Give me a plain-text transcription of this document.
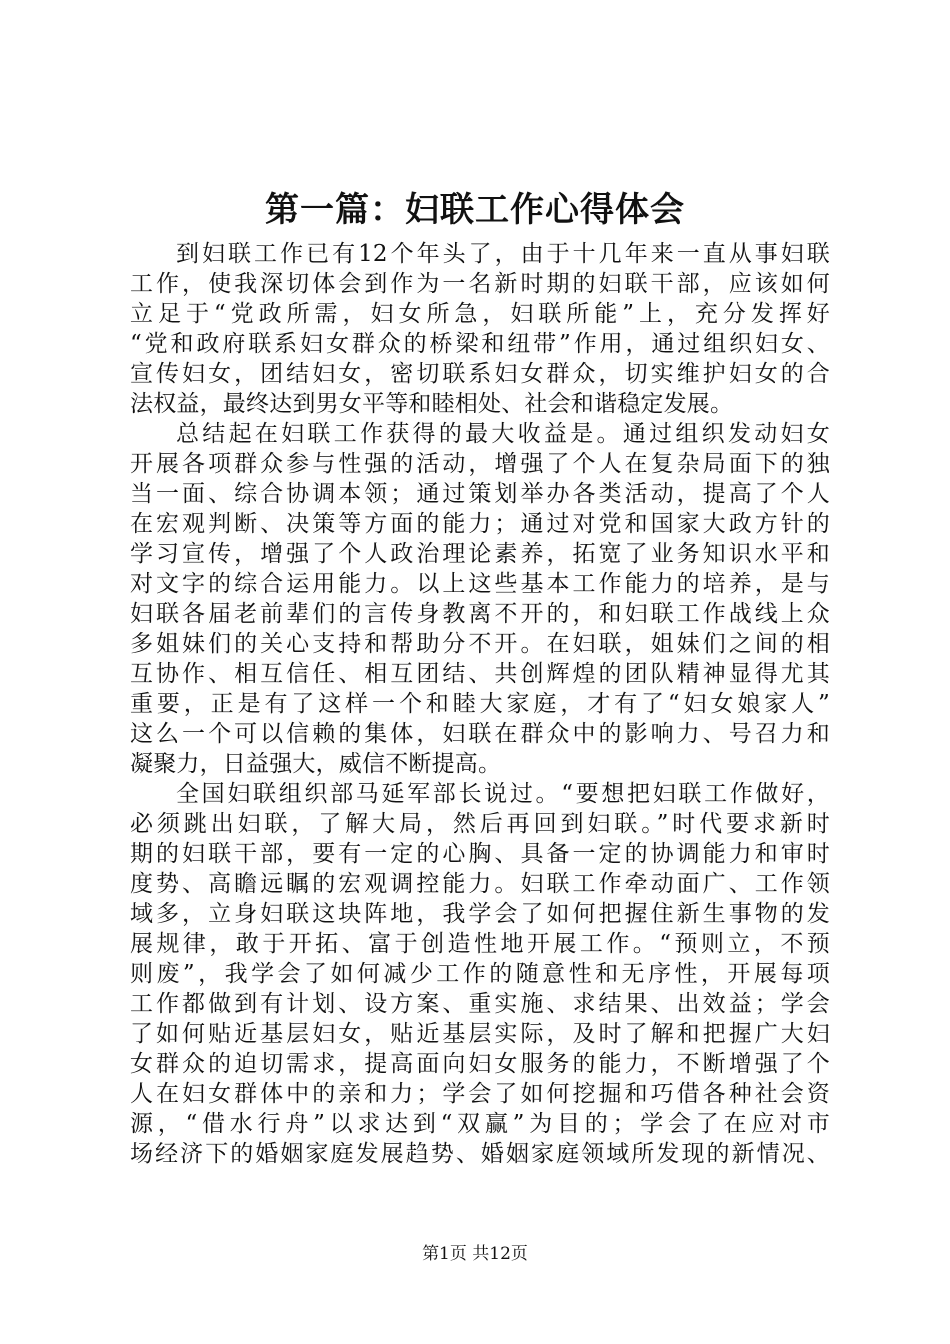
第一篇：妇联工作心得体会
到妇联工作已有12个年头了，由于十几年来一直从事妇联
工作，使我深切体会到作为一名新时期的妇联干部，应该如何
立足于“党政所需，妇女所急，妇联所能”上，充分发挥好
“党和政府联系妇女群众的桥梁和纽带”作用，通过组织妇女、
宣传妇女，团结妇女，密切联系妇女群众，切实维护妇女的合
法权益，最终达到男女平等和睦相处、社会和谐稳定发展。
总结起在妇联工作获得的最大收益是。通过组织发动妇女
开展各项群众参与性强的活动，增强了个人在复杂局面下的独
当一面、综合协调本领；通过策划举办各类活动，提高了个人
在宏观判断、决策等方面的能力；通过对党和国家大政方针的
学习宣传，增强了个人政治理论素养，拓宽了业务知识水平和
对文字的综合运用能力。以上这些基本工作能力的培养，是与
妇联各届老前辈们的言传身教离不开的，和妇联工作战线上众
多姐妹们的关心支持和帮助分不开。在妇联，姐妹们之间的相
互协作、相互信任、相互团结、共创辉煌的团队精神显得尤其
重要，正是有了这样一个和睦大家庭，才有了“妇女娘家人”
这么一个可以信赖的集体，妇联在群众中的影响力、号召力和
凝聚力，日益强大，威信不断提高。
全国妇联组织部马延军部长说过。“要想把妇联工作做好，
必须跳出妇联，了解大局，然后再回到妇联。”时代要求新时
期的妇联干部，要有一定的心胸、具备一定的协调能力和审时
度势、高瞻远瞩的宏观调控能力。妇联工作牵动面广、工作领
域多，立身妇联这块阵地，我学会了如何把握住新生事物的发
展规律，敢于开拓、富于创造性地开展工作。“预则立，不预
则废”，我学会了如何减少工作的随意性和无序性，开展每项
工作都做到有计划、设方案、重实施、求结果、出效益；学会
了如何贴近基层妇女，贴近基层实际，及时了解和把握广大妇
女群众的迫切需求，提高面向妇女服务的能力，不断增强了个
人在妇女群体中的亲和力；学会了如何挖掘和巧借各种社会资
源，“借水行舟”以求达到“双赢”为目的；学会了在应对市
场经济下的婚姻家庭发展趋势、婚姻家庭领域所发现的新情况、
第1页 共12页
